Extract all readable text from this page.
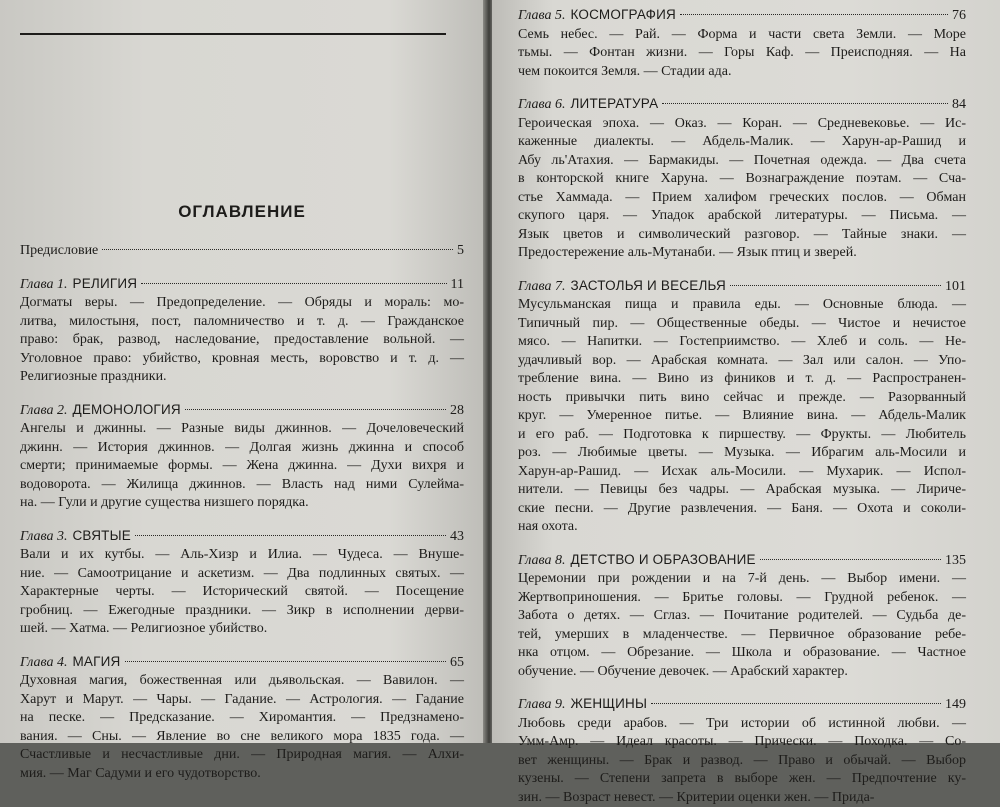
ОГЛАВЛЕНИЕ
Предисловие	5
Глава 1. РЕЛИГИЯ	11

Догматы веры. — Предопределение. — Обряды и мораль: мо-
литва, милостыня, пост, паломничество и т. д. — Гражданское
право: брак, развод, наследование, предоставление вольной. —
Уголовное право: убийство, кровная месть, воровство и т. д. —
Религиозные праздники.

Глава 2. ДЕМОНОЛОГИЯ	28

Ангелы и джинны. — Разные виды джиннов. — Дочеловеческий
джинн. — История джиннов. — Долгая жизнь джинна и способ
смерти; принимаемые формы. — Жена джинна. — Духи вихря и
водоворота. — Жилища джиннов. — Власть над ними Сулейма-
на. — Гули и другие существа низшего порядка.

Глава 3. СВЯТЫЕ	43

Вали и их кутбы. — Аль-Хизр и Илиа. — Чудеса. — Внуше-
ние. — Самоотрицание и аскетизм. — Два подлинных святых. —
Характерные черты. — Исторический святой. — Посещение
гробниц. — Ежегодные праздники. — Зикр в исполнении дерви-
шей. — Хатма. — Религиозное убийство.

Глава 4. МАГИЯ	65

Духовная магия, божественная или дьявольская. — Вавилон. —
Харут и Марут. — Чары. — Гадание. — Астрология. — Гадание
на песке. — Предсказание. — Хиромантия. — Предзнамено-
вания. — Сны. — Явление во сне великого мора 1835 года. —
Счастливые и несчастливые дни. — Природная магия. — Алхи-
мия. — Маг Садуми и его чудотворство.

Глава 5. КОСМОГРАФИЯ	76

Семь небес. — Рай. — Форма и части света Земли. — Море
тьмы. — Фонтан жизни. — Горы Каф. — Преисподняя. — На
чем покоится Земля. — Стадии ада.

Глава 6. ЛИТЕРАТУРА	84

Героическая эпоха. — Оказ. — Коран. — Средневековье. — Ис-
каженные диалекты. — Абдель-Малик. — Харун-ар-Рашид и
Абу ль'Атахия. — Бармакиды. — Почетная одежда. — Два счета
в конторской книге Харуна. — Вознаграждение поэтам. — Сча-
стье Хаммада. — Прием халифом греческих послов. — Обман
скупого царя. — Упадок арабской литературы. — Письма. —
Язык цветов и символический разговор. — Тайные знаки. —
Предостережение аль-Мутанаби. — Язык птиц и зверей.

Глава 7. ЗАСТОЛЬЯ И ВЕСЕЛЬЯ	101

Мусульманская пища и правила еды. — Основные блюда. —
Типичный пир. — Общественные обеды. — Чистое и нечистое
мясо. — Напитки. — Гостеприимство. — Хлеб и соль. — Не-
удачливый вор. — Арабская комната. — Зал или салон. — Упо-
требление вина. — Вино из фиников и т. д. — Распространен-
ность привычки пить вино сейчас и прежде. — Разорванный
круг. — Умеренное питье. — Влияние вина. — Абдель-Малик
и его раб. — Подготовка к пиршеству. — Фрукты. — Любитель
роз. — Любимые цветы. — Музыка. — Ибрагим аль-Мосили и
Харун-ар-Рашид. — Исхак аль-Мосили. — Мухарик. — Испол-
нители. — Певицы без чадры. — Арабская музыка. — Лириче-
ские песни. — Другие развлечения. — Баня. — Охота и соколи-
ная охота.

Глава 8. ДЕТСТВО И ОБРАЗОВАНИЕ	135

Церемонии при рождении и на 7-й день. — Выбор имени. —
Жертвоприношения. — Бритье головы. — Грудной ребенок. —
Забота о детях. — Сглаз. — Почитание родителей. — Судьба де-
тей, умерших в младенчестве. — Первичное образование ребе-
нка отцом. — Обрезание. — Школа и образование. — Частное
обучение. — Обучение девочек. — Арабский характер.

Глава 9. ЖЕНЩИНЫ	149

Любовь среди арабов. — Три истории об истинной любви. —
Умм-Амр. — Идеал красоты. — Прически. — Походка. — Со-
вет женщины. — Брак и развод. — Право и обычай. — Выбор
кузены. — Степени запрета в выборе жен. — Предпочтение ку-
зин. — Возраст невест. — Критерии оценки жен. — Прида-
